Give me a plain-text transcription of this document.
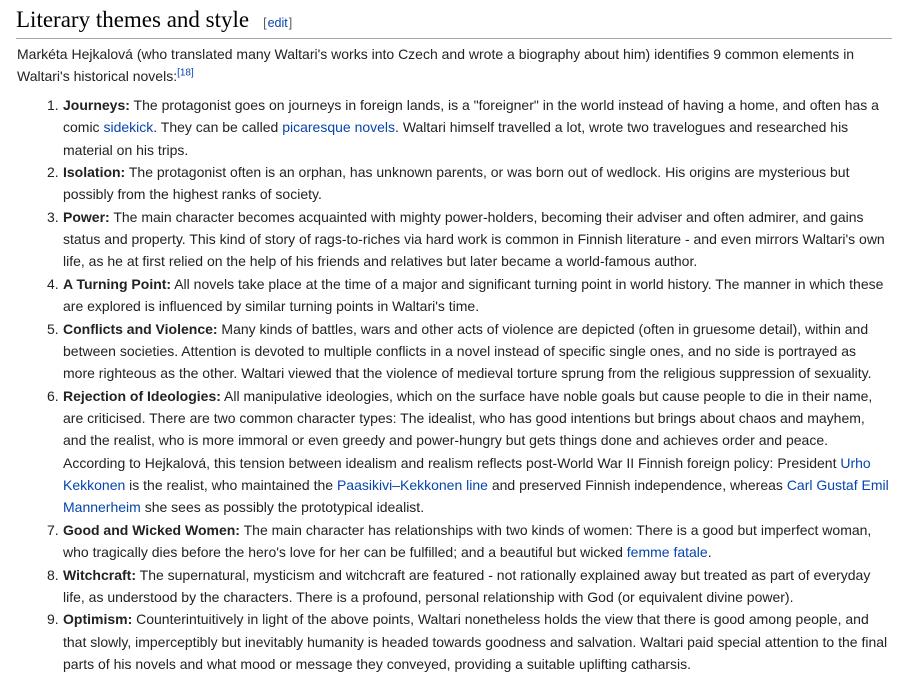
Literary themes and style [edit]

Markéta Hejkalová (who translated many Waltari's works into Czech and wrote a biography about him) identifies 9 common elements in Waltari's historical novels:[18]

1. Journeys: The protagonist goes on journeys in foreign lands, is a "foreigner" in the world instead of having a home, and often has a comic sidekick. They can be called picaresque novels. Waltari himself travelled a lot, wrote two travelogues and researched his material on his trips.
2. Isolation: The protagonist often is an orphan, has unknown parents, or was born out of wedlock. His origins are mysterious but possibly from the highest ranks of society.
3. Power: The main character becomes acquainted with mighty power-holders, becoming their adviser and often admirer, and gains status and property. This kind of story of rags-to-riches via hard work is common in Finnish literature - and even mirrors Waltari's own life, as he at first relied on the help of his friends and relatives but later became a world-famous author.
4. A Turning Point: All novels take place at the time of a major and significant turning point in world history. The manner in which these are explored is influenced by similar turning points in Waltari's time.
5. Conflicts and Violence: Many kinds of battles, wars and other acts of violence are depicted (often in gruesome detail), within and between societies. Attention is devoted to multiple conflicts in a novel instead of specific single ones, and no side is portrayed as more righteous as the other. Waltari viewed that the violence of medieval torture sprung from the religious suppression of sexuality.
6. Rejection of Ideologies: All manipulative ideologies, which on the surface have noble goals but cause people to die in their name, are criticised. There are two common character types: The idealist, who has good intentions but brings about chaos and mayhem, and the realist, who is more immoral or even greedy and power-hungry but gets things done and achieves order and peace. According to Hejkalová, this tension between idealism and realism reflects post-World War II Finnish foreign policy: President Urho Kekkonen is the realist, who maintained the Paasikivi–Kekkonen line and preserved Finnish independence, whereas Carl Gustaf Emil Mannerheim she sees as possibly the prototypical idealist.
7. Good and Wicked Women: The main character has relationships with two kinds of women: There is a good but imperfect woman, who tragically dies before the hero's love for her can be fulfilled; and a beautiful but wicked femme fatale.
8. Witchcraft: The supernatural, mysticism and witchcraft are featured - not rationally explained away but treated as part of everyday life, as understood by the characters. There is a profound, personal relationship with God (or equivalent divine power).
9. Optimism: Counterintuitively in light of the above points, Waltari nonetheless holds the view that there is good among people, and that slowly, imperceptibly but inevitably humanity is headed towards goodness and salvation. Waltari paid special attention to the final parts of his novels and what mood or message they conveyed, providing a suitable uplifting catharsis.
